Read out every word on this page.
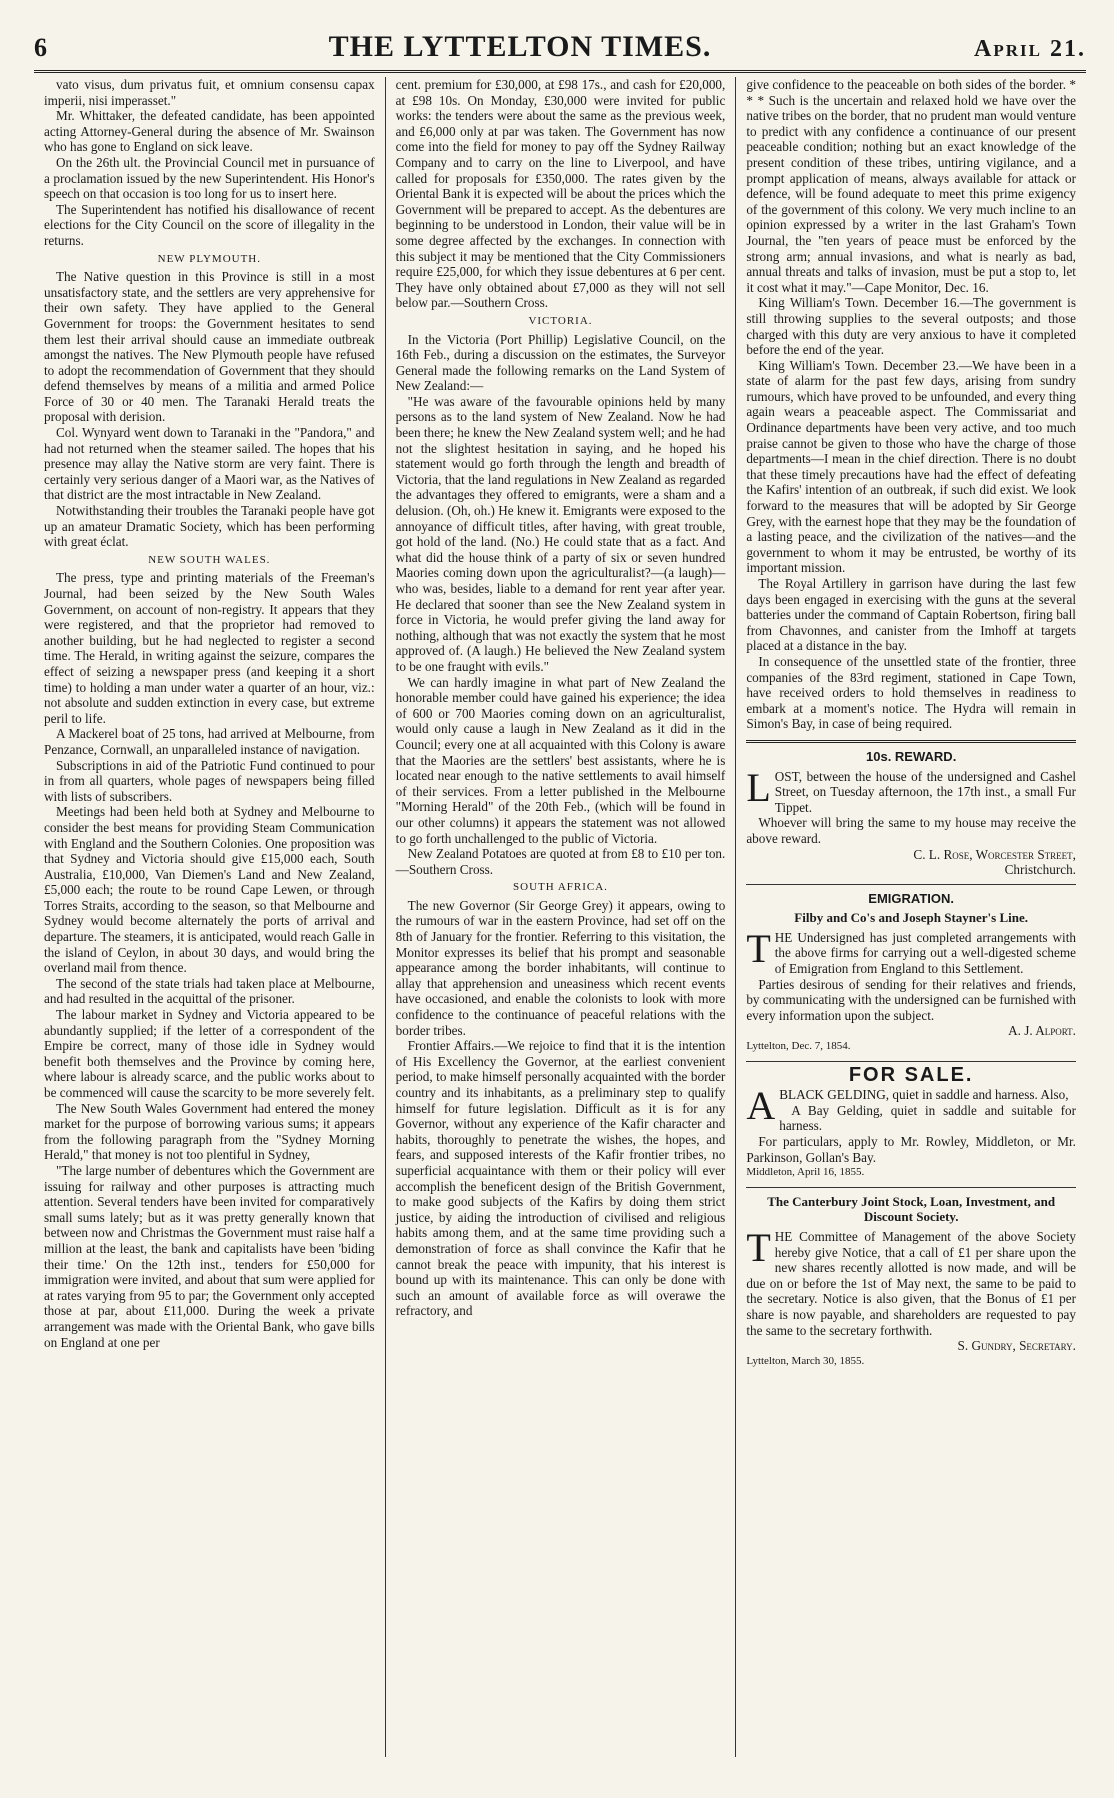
6	THE LYTTELTON TIMES.	April 21.

vato visus, dum privatus fuit, et omnium consensu capax imperii, nisi imperasset."

Mr. Whittaker, the defeated candidate, has been appointed acting Attorney-General during the absence of Mr. Swainson who has gone to England on sick leave.

On the 26th ult. the Provincial Council met in pursuance of a proclamation issued by the new Superintendent. His Honor's speech on that occasion is too long for us to insert here.

The Superintendent has notified his disallowance of recent elections for the City Council on the score of illegality in the returns.

NEW PLYMOUTH.

The Native question in this Province is still in a most unsatisfactory state, and the settlers are very apprehensive for their own safety. They have applied to the General Government for troops: the Government hesitates to send them lest their arrival should cause an immediate outbreak amongst the natives. The New Plymouth people have refused to adopt the recommendation of Government that they should defend themselves by means of a militia and armed Police Force of 30 or 40 men. The Taranaki Herald treats the proposal with derision.

Col. Wynyard went down to Taranaki in the "Pandora," and had not returned when the steamer sailed. The hopes that his presence may allay the Native storm are very faint. There is certainly very serious danger of a Maori war, as the Natives of that district are the most intractable in New Zealand.

Notwithstanding their troubles the Taranaki people have got up an amateur Dramatic Society, which has been performing with great éclat.

NEW SOUTH WALES.

The press, type and printing materials of the Freeman's Journal, had been seized by the New South Wales Government, on account of non-registry. It appears that they were registered, and that the proprietor had removed to another building, but he had neglected to register a second time. The Herald, in writing against the seizure, compares the effect of seizing a newspaper press (and keeping it a short time) to holding a man under water a quarter of an hour, viz.: not absolute and sudden extinction in every case, but extreme peril to life.

A Mackerel boat of 25 tons, had arrived at Melbourne, from Penzance, Cornwall, an unparalleled instance of navigation.

Subscriptions in aid of the Patriotic Fund continued to pour in from all quarters, whole pages of newspapers being filled with lists of subscribers.

Meetings had been held both at Sydney and Melbourne to consider the best means for providing Steam Communication with England and the Southern Colonies. One proposition was that Sydney and Victoria should give £15,000 each, South Australia, £10,000, Van Diemen's Land and New Zealand, £5,000 each; the route to be round Cape Lewen, or through Torres Straits, according to the season, so that Melbourne and Sydney would become alternately the ports of arrival and departure. The steamers, it is anticipated, would reach Galle in the island of Ceylon, in about 30 days, and would bring the overland mail from thence.

The second of the state trials had taken place at Melbourne, and had resulted in the acquittal of the prisoner.

The labour market in Sydney and Victoria appeared to be abundantly supplied; if the letter of a correspondent of the Empire be correct, many of those idle in Sydney would benefit both themselves and the Province by coming here, where labour is already scarce, and the public works about to be commenced will cause the scarcity to be more severely felt.

The New South Wales Government had entered the money market for the purpose of borrowing various sums; it appears from the following paragraph from the "Sydney Morning Herald," that money is not too plentiful in Sydney,

"The large number of debentures which the Government are issuing for railway and other purposes is attracting much attention. Several tenders have been invited for comparatively small sums lately; but as it was pretty generally known that between now and Christmas the Government must raise half a million at the least, the bank and capitalists have been 'biding their time.' On the 12th inst., tenders for £50,000 for immigration were invited, and about that sum were applied for at rates varying from 95 to par; the Government only accepted those at par, about £11,000. During the week a private arrangement was made with the Oriental Bank, who gave bills on England at one per

cent. premium for £30,000, at £98 17s., and cash for £20,000, at £98 10s. On Monday, £30,000 were invited for public works: the tenders were about the same as the previous week, and £6,000 only at par was taken. The Government has now come into the field for money to pay off the Sydney Railway Company and to carry on the line to Liverpool, and have called for proposals for £350,000. The rates given by the Oriental Bank it is expected will be about the prices which the Government will be prepared to accept. As the debentures are beginning to be understood in London, their value will be in some degree affected by the exchanges. In connection with this subject it may be mentioned that the City Commissioners require £25,000, for which they issue debentures at 6 per cent. They have only obtained about £7,000 as they will not sell below par.—Southern Cross.

VICTORIA.

In the Victoria (Port Phillip) Legislative Council, on the 16th Feb., during a discussion on the estimates, the Surveyor General made the following remarks on the Land System of New Zealand:—

"He was aware of the favourable opinions held by many persons as to the land system of New Zealand. Now he had been there; he knew the New Zealand system well; and he had not the slightest hesitation in saying, and he hoped his statement would go forth through the length and breadth of Victoria, that the land regulations in New Zealand as regarded the advantages they offered to emigrants, were a sham and a delusion. (Oh, oh.) He knew it. Emigrants were exposed to the annoyance of difficult titles, after having, with great trouble, got hold of the land. (No.) He could state that as a fact. And what did the house think of a party of six or seven hundred Maories coming down upon the agriculturalist?—(a laugh)—who was, besides, liable to a demand for rent year after year. He declared that sooner than see the New Zealand system in force in Victoria, he would prefer giving the land away for nothing, although that was not exactly the system that he most approved of. (A laugh.) He believed the New Zealand system to be one fraught with evils."

We can hardly imagine in what part of New Zealand the honorable member could have gained his experience; the idea of 600 or 700 Maories coming down on an agriculturalist, would only cause a laugh in New Zealand as it did in the Council; every one at all acquainted with this Colony is aware that the Maories are the settlers' best assistants, where he is located near enough to the native settlements to avail himself of their services. From a letter published in the Melbourne "Morning Herald" of the 20th Feb., (which will be found in our other columns) it appears the statement was not allowed to go forth unchallenged to the public of Victoria.

New Zealand Potatoes are quoted at from £8 to £10 per ton.—Southern Cross.

SOUTH AFRICA.

The new Governor (Sir George Grey) it appears, owing to the rumours of war in the eastern Province, had set off on the 8th of January for the frontier. Referring to this visitation, the Monitor expresses its belief that his prompt and seasonable appearance among the border inhabitants, will continue to allay that apprehension and uneasiness which recent events have occasioned, and enable the colonists to look with more confidence to the continuance of peaceful relations with the border tribes.

Frontier Affairs.—We rejoice to find that it is the intention of His Excellency the Governor, at the earliest convenient period, to make himself personally acquainted with the border country and its inhabitants, as a preliminary step to qualify himself for future legislation. Difficult as it is for any Governor, without any experience of the Kafir character and habits, thoroughly to penetrate the wishes, the hopes, and fears, and supposed interests of the Kafir frontier tribes, no superficial acquaintance with them or their policy will ever accomplish the beneficent design of the British Government, to make good subjects of the Kafirs by doing them strict justice, by aiding the introduction of civilised and religious habits among them, and at the same time providing such a demonstration of force as shall convince the Kafir that he cannot break the peace with impunity, that his interest is bound up with its maintenance. This can only be done with such an amount of available force as will overawe the refractory, and

give confidence to the peaceable on both sides of the border. * * * Such is the uncertain and relaxed hold we have over the native tribes on the border, that no prudent man would venture to predict with any confidence a continuance of our present peaceable condition; nothing but an exact knowledge of the present condition of these tribes, untiring vigilance, and a prompt application of means, always available for attack or defence, will be found adequate to meet this prime exigency of the government of this colony. We very much incline to an opinion expressed by a writer in the last Graham's Town Journal, the "ten years of peace must be enforced by the strong arm; annual invasions, and what is nearly as bad, annual threats and talks of invasion, must be put a stop to, let it cost what it may."—Cape Monitor, Dec. 16.

King William's Town. December 16.—The government is still throwing supplies to the several outposts; and those charged with this duty are very anxious to have it completed before the end of the year.

King William's Town. December 23.—We have been in a state of alarm for the past few days, arising from sundry rumours, which have proved to be unfounded, and every thing again wears a peaceable aspect. The Commissariat and Ordinance departments have been very active, and too much praise cannot be given to those who have the charge of those departments—I mean in the chief direction. There is no doubt that these timely precautions have had the effect of defeating the Kafirs' intention of an outbreak, if such did exist. We look forward to the measures that will be adopted by Sir George Grey, with the earnest hope that they may be the foundation of a lasting peace, and the civilization of the natives—and the government to whom it may be entrusted, be worthy of its important mission.

The Royal Artillery in garrison have during the last few days been engaged in exercising with the guns at the several batteries under the command of Captain Robertson, firing ball from Chavonnes, and canister from the Imhoff at targets placed at a distance in the bay.

In consequence of the unsettled state of the frontier, three companies of the 83rd regiment, stationed in Cape Town, have received orders to hold themselves in readiness to embark at a moment's notice. The Hydra will remain in Simon's Bay, in case of being required.

10s. REWARD.

LOST, between the house of the undersigned and Cashel Street, on Tuesday afternoon, the 17th inst., a small Fur Tippet.

Whoever will bring the same to my house may receive the above reward.

C. L. Rose, Worcester Street,
Christchurch.
EMIGRATION.
Filby and Co's and Joseph Stayner's Line.

THE Undersigned has just completed arrangements with the above firms for carrying out a well-digested scheme of Emigration from England to this Settlement.

Parties desirous of sending for their relatives and friends, by communicating with the undersigned can be furnished with every information upon the subject.

A. J. Alport.
Lyttelton, Dec. 7, 1854.
FOR SALE.

ABLACK GELDING, quiet in saddle and harness. Also,

A Bay Gelding, quiet in saddle and suitable for harness.

For particulars, apply to Mr. Rowley, Middleton, or Mr. Parkinson, Gollan's Bay.

Middleton, April 16, 1855.
The Canterbury Joint Stock, Loan, Investment, and Discount Society.

THE Committee of Management of the above Society hereby give Notice, that a call of £1 per share upon the new shares recently allotted is now made, and will be due on or before the 1st of May next, the same to be paid to the secretary. Notice is also given, that the Bonus of £1 per share is now payable, and shareholders are requested to pay the same to the secretary forthwith.

S. Gundry, Secretary.
Lyttelton, March 30, 1855.
